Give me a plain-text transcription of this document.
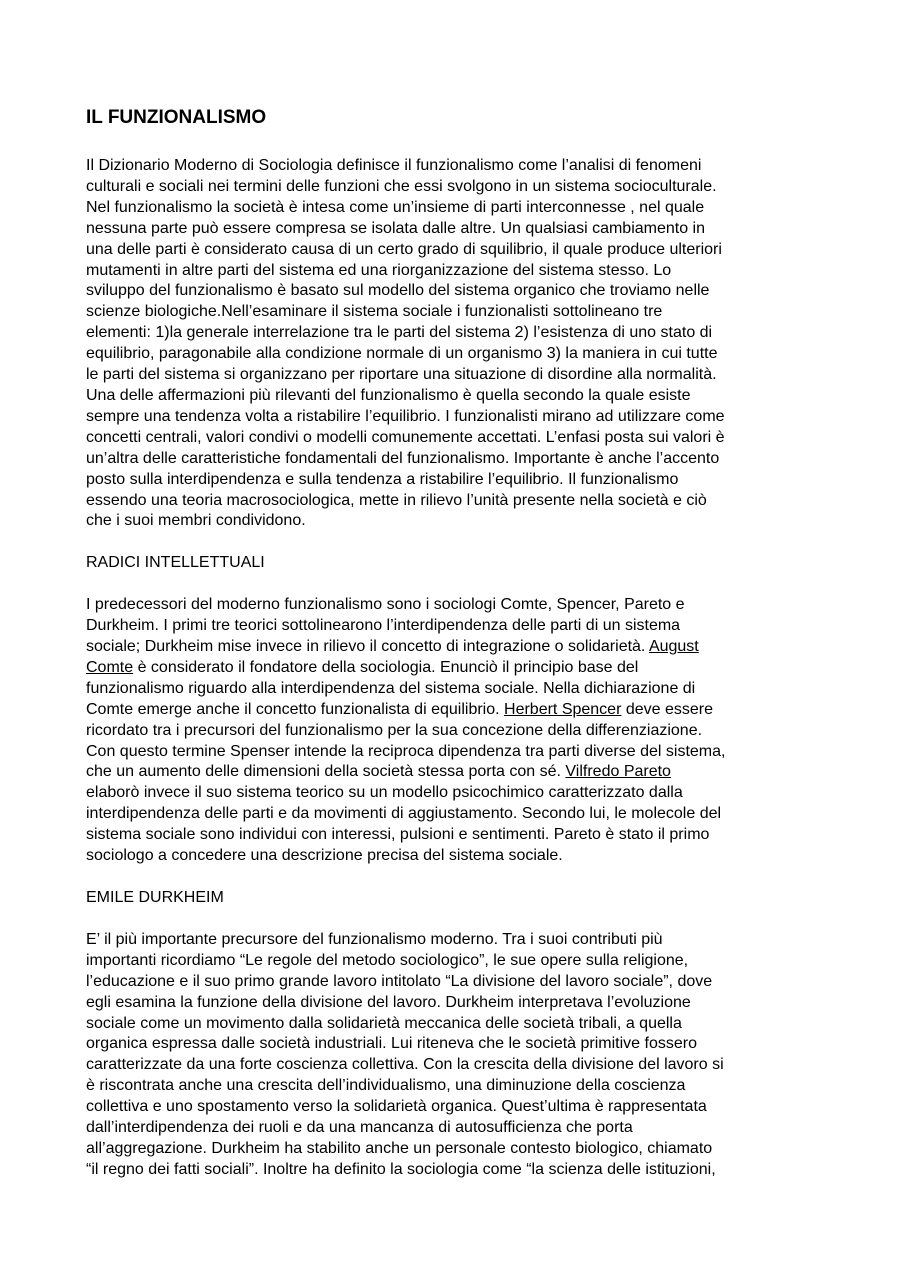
IL FUNZIONALISMO

Il Dizionario Moderno di Sociologia definisce il funzionalismo come l’analisi di fenomeni
culturali e sociali nei termini delle funzioni che essi svolgono in un sistema socioculturale.
Nel funzionalismo la società è intesa come un’insieme di parti interconnesse , nel quale
nessuna parte può essere compresa se isolata dalle altre. Un qualsiasi cambiamento in
una delle parti è considerato causa di un certo grado di squilibrio, il quale produce ulteriori
mutamenti in altre parti del sistema ed una riorganizzazione del sistema stesso. Lo
sviluppo del funzionalismo è basato sul modello del sistema organico che troviamo nelle
scienze biologiche.Nell’esaminare il sistema sociale i funzionalisti sottolineano tre
elementi: 1)la generale interrelazione tra le parti del sistema 2) l’esistenza di uno stato di
equilibrio, paragonabile alla condizione normale di un organismo 3) la maniera in cui tutte
le parti del sistema si organizzano per riportare una situazione di disordine alla normalità.
Una delle affermazioni più rilevanti del funzionalismo è quella secondo la quale esiste
sempre una tendenza volta a ristabilire l’equilibrio. I funzionalisti mirano ad utilizzare come
concetti centrali, valori condivi o modelli comunemente accettati. L’enfasi posta sui valori è
un’altra delle caratteristiche fondamentali del funzionalismo. Importante è anche l’accento
posto sulla interdipendenza e sulla tendenza a ristabilire l’equilibrio. Il funzionalismo
essendo una teoria macrosociologica, mette in rilievo l’unità presente nella società e ciò
che i suoi membri condividono.

RADICI INTELLETTUALI

I predecessori del moderno funzionalismo sono i sociologi Comte, Spencer, Pareto e
Durkheim. I primi tre teorici sottolinearono l’interdipendenza delle parti di un sistema
sociale; Durkheim mise invece in rilievo il concetto di integrazione o solidarietà. August
Comte è considerato il fondatore della sociologia. Enunciò il principio base del
funzionalismo riguardo alla interdipendenza del sistema sociale. Nella dichiarazione di
Comte emerge anche il concetto funzionalista di equilibrio. Herbert Spencer deve essere
ricordato tra i precursori del funzionalismo per la sua concezione della differenziazione.
Con questo termine Spenser intende la reciproca dipendenza tra parti diverse del sistema,
che un aumento delle dimensioni della società stessa porta con sé. Vilfredo Pareto
elaborò invece il suo sistema teorico su un modello psicochimico caratterizzato dalla
interdipendenza delle parti e da movimenti di aggiustamento. Secondo lui, le molecole del
sistema sociale sono individui con interessi, pulsioni e sentimenti. Pareto è stato il primo
sociologo a concedere una descrizione precisa del sistema sociale.

EMILE DURKHEIM

E’ il più importante precursore del funzionalismo moderno. Tra i suoi contributi più
importanti ricordiamo “Le regole del metodo sociologico”, le sue opere sulla religione,
l’educazione e il suo primo grande lavoro intitolato “La divisione del lavoro sociale”, dove
egli esamina la funzione della divisione del lavoro. Durkheim interpretava l’evoluzione
sociale come un movimento dalla solidarietà meccanica delle società tribali, a quella
organica espressa dalle società industriali. Lui riteneva che le società primitive fossero
caratterizzate da una forte coscienza collettiva. Con la crescita della divisione del lavoro si
è riscontrata anche una crescita dell’individualismo, una diminuzione della coscienza
collettiva e uno spostamento verso la solidarietà organica. Quest’ultima è rappresentata
dall’interdipendenza dei ruoli e da una mancanza di autosufficienza che porta
all’aggregazione. Durkheim ha stabilito anche un personale contesto biologico, chiamato
“il regno dei fatti sociali”. Inoltre ha definito la sociologia come “la scienza delle istituzioni,
